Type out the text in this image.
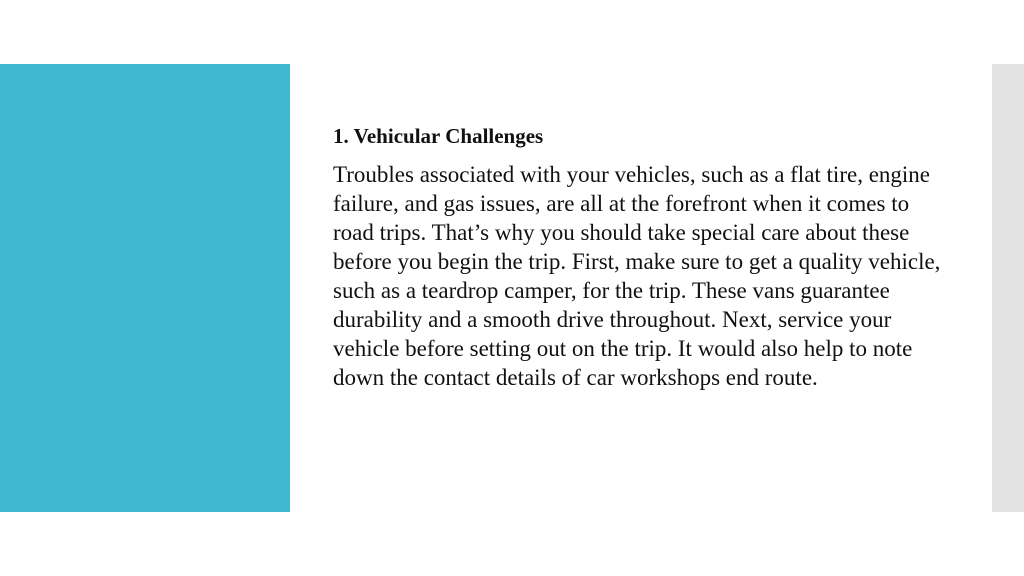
1. Vehicular Challenges

Troubles associated with your vehicles, such as a flat tire, engine failure, and gas issues, are all at the forefront when it comes to road trips. That’s why you should take special care about these before you begin the trip. First, make sure to get a quality vehicle, such as a teardrop camper, for the trip. These vans guarantee durability and a smooth drive throughout. Next, service your vehicle before setting out on the trip. It would also help to note down the contact details of car workshops end route.
